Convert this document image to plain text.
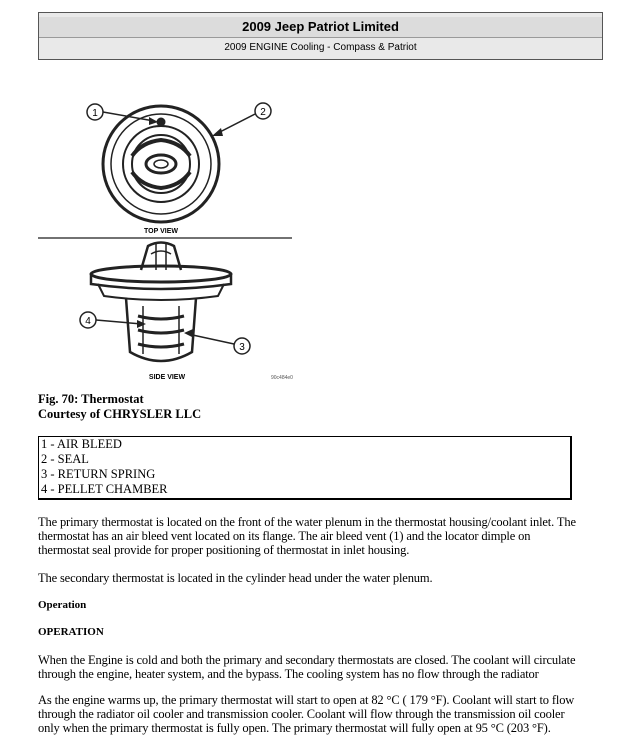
2009 Jeep Patriot Limited
2009 ENGINE Cooling - Compass & Patriot
1	2
TOP VIEW
4
3
SIDE VIEW	90c484e0
Fig. 70: Thermostat
Courtesy of CHRYSLER LLC
1 - AIR BLEED
2 - SEAL
3 - RETURN SPRING
4 - PELLET CHAMBER
The primary thermostat is located on the front of the water plenum in the thermostat housing/coolant inlet. The
thermostat has an air bleed vent located on its flange. The air bleed vent (1) and the locator dimple on
thermostat seal provide for proper positioning of thermostat in inlet housing.
The secondary thermostat is located in the cylinder head under the water plenum.
Operation
OPERATION
When the Engine is cold and both the primary and secondary thermostats are closed. The coolant will circulate
through the engine, heater system, and the bypass. The cooling system has no flow through the radiator
As the engine warms up, the primary thermostat will start to open at 82 °C ( 179 °F). Coolant will start to flow
through the radiator oil cooler and transmission cooler. Coolant will flow through the transmission oil cooler
only when the primary thermostat is fully open. The primary thermostat will fully open at 95 °C (203 °F).
